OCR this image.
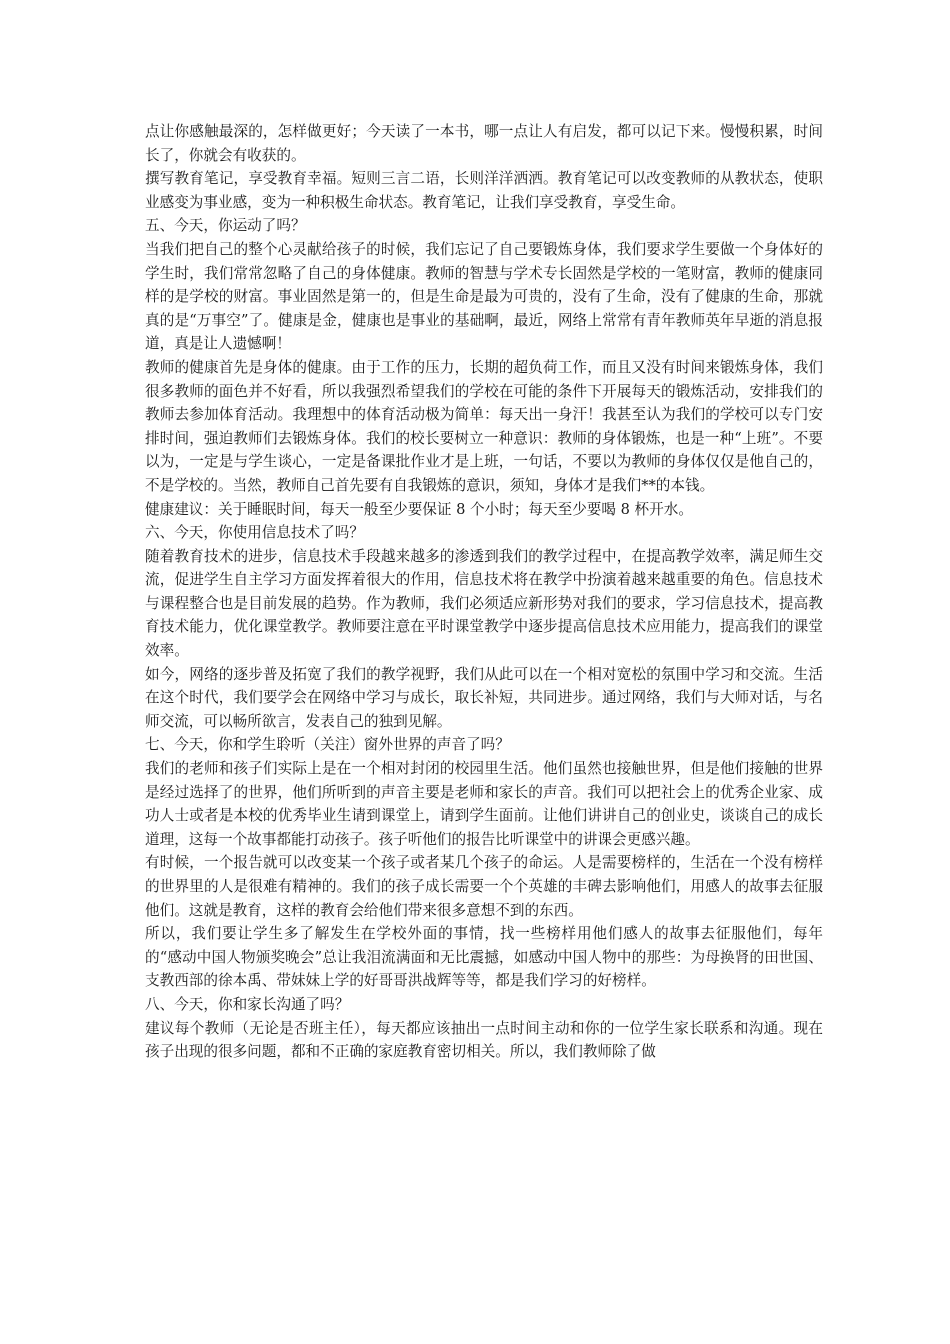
点让你感触最深的，怎样做更好；今天读了一本书，哪一点让人有启发，都可以记下来。慢慢积累，时间长了，你就会有收获的。

撰写教育笔记，享受教育幸福。短则三言二语，长则洋洋洒洒。教育笔记可以改变教师的从教状态，使职业感变为事业感，变为一种积极生命状态。教育笔记，让我们享受教育，享受生命。

五、今天，你运动了吗？

当我们把自己的整个心灵献给孩子的时候，我们忘记了自己要锻炼身体，我们要求学生要做一个身体好的学生时，我们常常忽略了自己的身体健康。教师的智慧与学术专长固然是学校的一笔财富，教师的健康同样的是学校的财富。事业固然是第一的，但是生命是最为可贵的，没有了生命，没有了健康的生命，那就真的是“万事空”了。健康是金，健康也是事业的基础啊，最近，网络上常常有青年教师英年早逝的消息报道，真是让人遗憾啊！

教师的健康首先是身体的健康。由于工作的压力，长期的超负荷工作，而且又没有时间来锻炼身体，我们很多教师的面色并不好看，所以我强烈希望我们的学校在可能的条件下开展每天的锻炼活动，安排我们的教师去参加体育活动。我理想中的体育活动极为简单：每天出一身汗！我甚至认为我们的学校可以专门安排时间，强迫教师们去锻炼身体。我们的校长要树立一种意识：教师的身体锻炼，也是一种“上班”。不要以为，一定是与学生谈心，一定是备课批作业才是上班，一句话，不要以为教师的身体仅仅是他自己的，不是学校的。当然，教师自己首先要有自我锻炼的意识，须知，身体才是我们**的本钱。

健康建议：关于睡眠时间，每天一般至少要保证 8 个小时；每天至少要喝 8 杯开水。

六、今天，你使用信息技术了吗？

随着教育技术的进步，信息技术手段越来越多的渗透到我们的教学过程中，在提高教学效率，满足师生交流，促进学生自主学习方面发挥着很大的作用，信息技术将在教学中扮演着越来越重要的角色。信息技术与课程整合也是目前发展的趋势。作为教师，我们必须适应新形势对我们的要求，学习信息技术，提高教育技术能力，优化课堂教学。教师要注意在平时课堂教学中逐步提高信息技术应用能力，提高我们的课堂效率。

如今，网络的逐步普及拓宽了我们的教学视野，我们从此可以在一个相对宽松的氛围中学习和交流。生活在这个时代，我们要学会在网络中学习与成长，取长补短，共同进步。通过网络，我们与大师对话，与名师交流，可以畅所欲言，发表自己的独到见解。

七、今天，你和学生聆听（关注）窗外世界的声音了吗？

我们的老师和孩子们实际上是在一个相对封闭的校园里生活。他们虽然也接触世界，但是他们接触的世界是经过选择了的世界，他们所听到的声音主要是老师和家长的声音。我们可以把社会上的优秀企业家、成功人士或者是本校的优秀毕业生请到课堂上，请到学生面前。让他们讲讲自己的创业史，谈谈自己的成长道理，这每一个故事都能打动孩子。孩子听他们的报告比听课堂中的讲课会更感兴趣。

有时候，一个报告就可以改变某一个孩子或者某几个孩子的命运。人是需要榜样的，生活在一个没有榜样的世界里的人是很难有精神的。我们的孩子成长需要一个个英雄的丰碑去影响他们，用感人的故事去征服他们。这就是教育，这样的教育会给他们带来很多意想不到的东西。

所以，我们要让学生多了解发生在学校外面的事情，找一些榜样用他们感人的故事去征服他们，每年的“感动中国人物颁奖晚会”总让我泪流满面和无比震撼，如感动中国人物中的那些：为母换肾的田世国、支教西部的徐本禹、带妹妹上学的好哥哥洪战辉等等，都是我们学习的好榜样。

八、今天，你和家长沟通了吗？

建议每个教师（无论是否班主任），每天都应该抽出一点时间主动和你的一位学生家长联系和沟通。现在孩子出现的很多问题，都和不正确的家庭教育密切相关。所以，我们教师除了做
